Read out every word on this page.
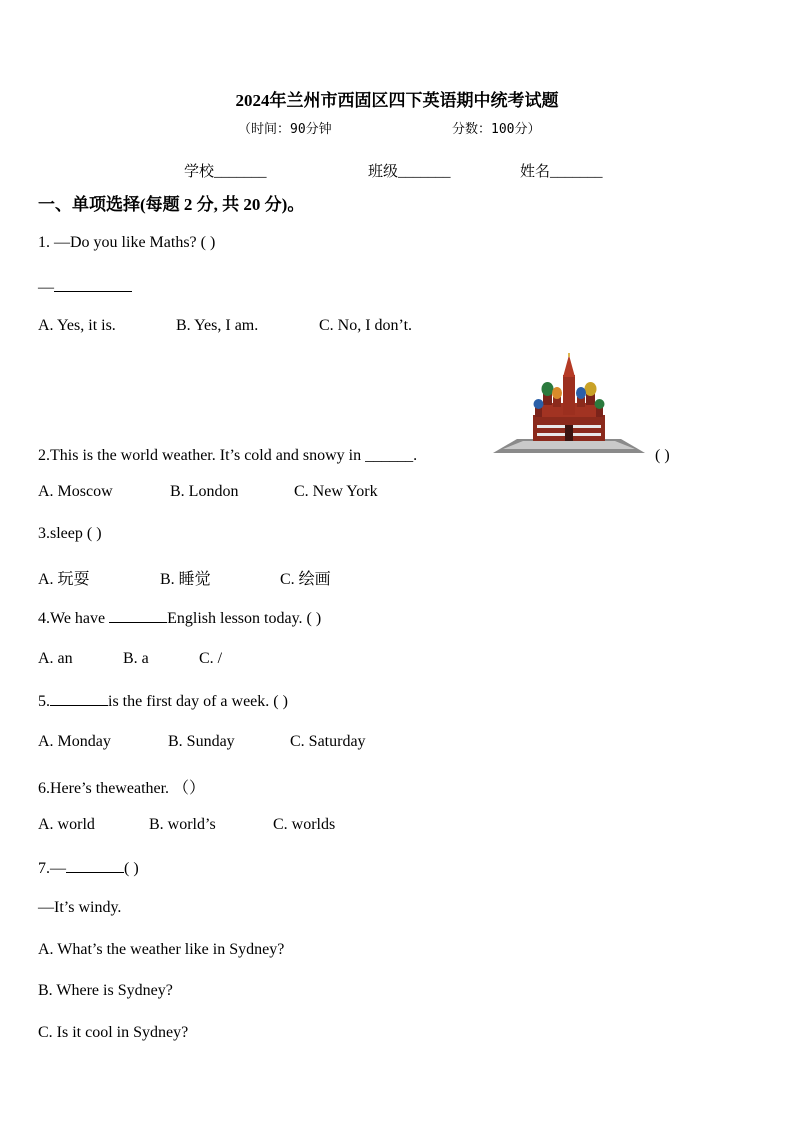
2024年兰州市西固区四下英语期中统考试题
（时间：90分钟	分数：100分）
学校_______	班级_______	姓名_______
一、单项选择(每题 2 分, 共 20 分)。
1. —Do you like Maths? ( )
—
A. Yes, it is.	B. Yes, I am.	C. No, I don’t.
2.This is the world weather. It’s cold and snowy in ______.	( )
A. Moscow	B. London	C. New York
3.sleep ( )
A. 玩耍	B. 睡觉	C. 绘画
4.We have	English lesson today. ( )
A. an	B. a	C. /
5.	is the first day of a week. ( )
A. Monday	B. Sunday	C. Saturday
6.Here’s theweather. （）
A. world	B. world’s	C. worlds
7.—	( )
—It’s windy.
A. What’s the weather like in Sydney?
B. Where is Sydney?
C. Is it cool in Sydney?
